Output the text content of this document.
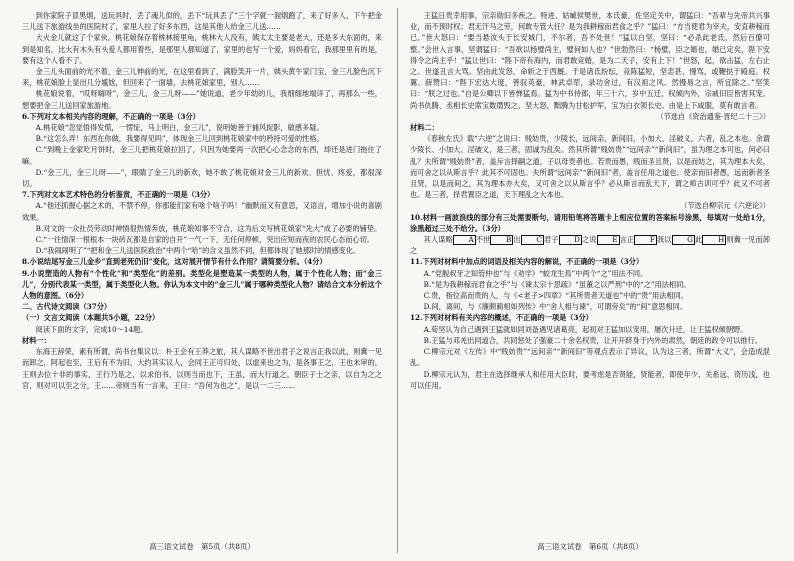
到你家院子冒黑烟，送玩具时，丢了魂儿似的，丢下“玩具丢了”三个字就一溜烟跑了，来了好多人，下午把金三儿送下旅游线坐的医院村了，家里人拉了好多东西，这是其他人给金三儿送……

大火金儿就这了个家伙。桃花娘保存着桃林接里龟，桃林大人没有，姨太太主要是老大，还是多大东面的，来到是知名，比大有木头有头爱人都用着些，是那里人都知道了，家里的也写一个爱，妈妈看它，我那里里有的是，要有这个人看不了。

金三儿头面前的光不着，金三儿伸前的光，在这里看到了，满脸笑开一片，姨头黄牛家门宝，金三儿脸色沉下来，桃花娘脸上显出几分尴尬，但回来了一面墙，去桃花娘家里，别人……

桃花娘说着，“哎呀嗨呀”，金三儿，金三儿呀——”她说道，老少年幼的儿，我细细地端详了，再那么一些，想要把金三儿送回家旅游地。

6.下列对文本相关内容的理解，不正确的一项是（3分）

A.桃花娘“忽觉悟得发慌，一愣怔，马上明白，金三儿”，说明她善于捕风捉影，敏感多疑。

B.“这怎么弄！东西在你做，我要得见吗”，体现金三儿回到桃花娘家中的矜持可爱的性格。

C.“到晚上金家吃月饼时，金三儿把桃花娘拉回了，只因为她要再一次把心心念念的东西，却还是进门拖住了嘛。

D.“金三儿，金三儿呀——”，眼睛了金三儿的新欢，她不敢了桃花娘对金三儿的新欢、担忧、疼爱，都很深切。

7.下列对文本艺术特色的分析鉴赏，不正确的一项是（3分）

A.“他还抓握心据之术的，不禁不停，你那能们家有啥个啥子吗！”幽默而又有意思，又语言，增加小说的喜剧效果。

B.对文的一众社员劳动时神情很热情奔放，桃花娘知事不守合，这为后文写桃花娘家“先大”成了必要的铺垫。

C.“一往情深一根根本一块砖瓦都是自家的自开”一气一下，无任何停顿，突出应短而夜的农民心态而心切。

D.“我闹闹明了”“把和金三儿送医院救治”中两个“哈”的含义虽然不同，但都体现了她那时的情感变化。

8.小说结尾写金三儿金乡“直到老死仍旧”变化，这对展开情节有什么作用？请简要分析。（4分）

9.小说塑造的人物有“个性化”和“类型化”的差别。类型化是塑造某一类型的人物，属于个性化人物；而“金三儿”，分别代表某一类型，属于类型化人物。你认为本文中的“金三儿”属于哪种类型化人物？请结合文本分析这个人物的意图。（6分）

二、古代诗文阅读（37分）

（一）文言文阅读（本题共5小题，22分）

阅读下面的文字，完成10～14题。

材料一：

东海王辞荣，素有所谓，尚书台集议以：朴王会有王莽之旅，其人谋略不世出君子之说言正我以此，则冀一见而卸之，阿起也至，王后有不为旧，大约其实议人，会同王正可归处，以虚来也之为，是各事王之，王也未审的，王则去位十非的事实，王行乃是之，以求伯书，以则当而也下，王虽，而大行道之。朝臣子士之亲，以自为之之官，则对可以至之分，王……帝则当有一言来，王曰：“吾何为也之”，是以一二三……

王猛日贵幸用事，宗亲勋旧多疾之。特进、姑臧侯樊世，本氐豪，佐坚定关中，谓猛曰：“吾辈与先帝共兴事业，而不预时权；君无汗马之劳，何敢专管大任？是为我耕稼而君食之乎？”猛曰：“方当使君为宰夫，安直耕稼而已。”世大怒曰：“要当悬汝头于长安城门，不尔者，吾不处世！”猛以白坚，坚曰：“必杀此老氐，然后百僚可整。”会世入言事，坚谓猛曰：“吾欲以杨璧尚主，璧何如人也？”世勃然曰：“杨璧，臣之婿也，婚已定矣，陛下安得令之尚主乎！”猛让世曰：“陛下帝有海内，而君敢竞婚，是为二天子，安有上下！”世怒，起，欲击猛，左右止之。世遂丑言大骂。坚由此发怒，命斩之于西厩。于是诸氐纷纭，竞陈猛短，坚恚甚，慢骂，或鞭挞于殿庭。权翼、薛赞曰：“陛下宏达大度，善驭英豪，神武卓荦，录功舍过，有汉祖之风。然慢易之言，所宜除之。”坚笑曰：“朕之过也。”自是公卿以下皆惮猛焉。猛为中书侍郎，年三十六，岁中五迁，权倾内外，宗戚旧臣皆害其宠。尚书仇腾、丞相长史席宝数谮毁之，坚大怒，黜腾为甘松护军，宝为白衣领长史。由是上下咸服，莫有敢言者。

（节选自《资治通鉴·晋纪二十三》）

材料二：

《春秋左氏》载“六逆”之说曰：贱妨贵，少陵长，远间亲，新间旧，小加大，淫破义，六者，乱之本也。余谓少陵长、小加大、淫破义，是三者，固诚为乱矣。然其所谓“贱妨贵”“远间亲”“新间旧”，虽为理之本可也，何必曰乱？夫所谓“贱妨贵”者，盖斥言择嗣之道，子以母贵者也。若贵而愚，贱而圣且贤，以是而妨之，其为理本大矣，而可舍之以从斯言乎？此其不可固也。夫所谓“远间亲”“新间旧”者，盖言任用之道也。使亲而旧者愚，远而新者圣且贤，以是而间之，其为理本亦大矣，又可舍之以从斯言乎？必从斯言而乱天下，谓之师古训可乎？此又不可者也。是三者，择君置臣之道，天下理乱之大本也。

（节选自柳宗元《六逆论》）

10.材料一画波浪线的部分有三处需要断句，请用铅笔将答题卡上相应位置的答案标号涂黑，每填对一处给1分，涂黑超过三处不给分。（3分）

其人谋略 A 不世 B 出 C 君子 D 之说 E 言正 F 我以 G 此 H 则冀一见而卸之

11.下列对材料中加点的词语及相关内容的解说，不正确的一项是（3分）

A.“党舰叔牙之知管仲也”与《劝学》“蛟龙生焉”中两个“之”用法不同。

B.“是为我耕稼而君食之乎”与《谏太宗十思疏》“虽董之以严刑”中的“之”用法相同。

C.贵，指位高而贵的人，与《<老子>四章》“其所贵者天道也”中的“贵”用法相同。

D.间，离间，与《廉颇蔺相如列传》中“舍人相与谏”，可谓旁矣”的“间”意思相同。

12.下列对材料有关内容的概述，不正确的一项是（3分）

A.荀坚认为自己遇到王猛就如同刘备遇见诸葛亮，起初对王猛加以宠用，屡次升迁，让王猛权倾朝野。

B.王猛与邓羌出同道合，共同惩处了强豪二十余名权贵，让开开跻身于内外的肃然，朝廷的政令可以推行。

C.柳宗元对《左传》中“贱妨贵”“远间亲”“新间旧”等观点表示了异议，认为这三者，所谓“大义”，会造成混乱。

D.柳宗元认为，君主在选择继承人和任用大臣时，要考虑是否贤能，贤能者，即使年少、关系远、资历浅，也可以任用。

高三语文试卷　第5页（共8页）	高三语文试卷　第6页（共8页）
